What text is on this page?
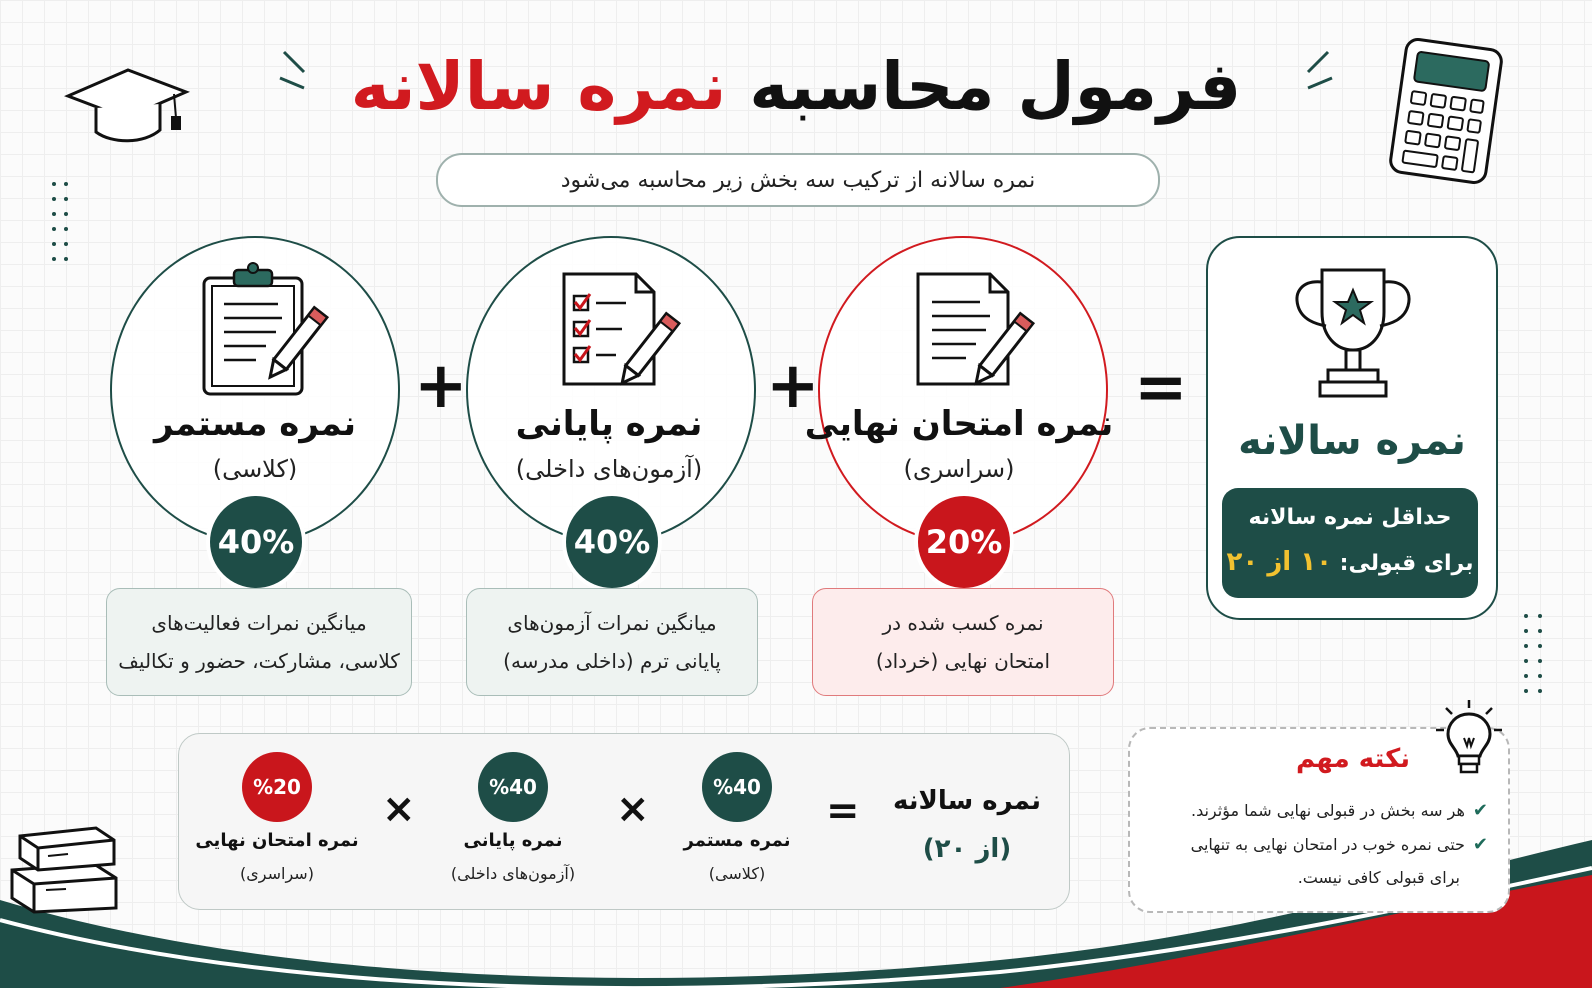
فرمول محاسبه نمره سالانه
نمره سالانه از ترکیب سه بخش زیر محاسبه می‌شود
نمره امتحان نهایی
(سراسری)
20%
نمره کسب شده در
امتحان نهایی (خرداد)
نمره پایانی
(آزمون‌های داخلی)
40%
میانگین نمرات آزمون‌های
پایانی ترم (داخلی مدرسه)
نمره مستمر
(کلاسی)
40%
میانگین نمرات فعالیت‌های
کلاسی، مشارکت، حضور و تکالیف
+	+	=
نمره سالانه
حداقل نمره سالانه
برای قبولی: ۱۰ از ۲۰
%20
نمره امتحان نهایی
(سراسری)
×	%40
نمره پایانی
(آزمون‌های داخلی)
×	%40
نمره مستمر
(کلاسی)
=	نمره سالانه
(از ۲۰)
نکته مهم
✔هر سه بخش در قبولی نهایی شما مؤثرند.
✔حتی نمره خوب در امتحان نهایی به تنهایی
برای قبولی کافی نیست.
